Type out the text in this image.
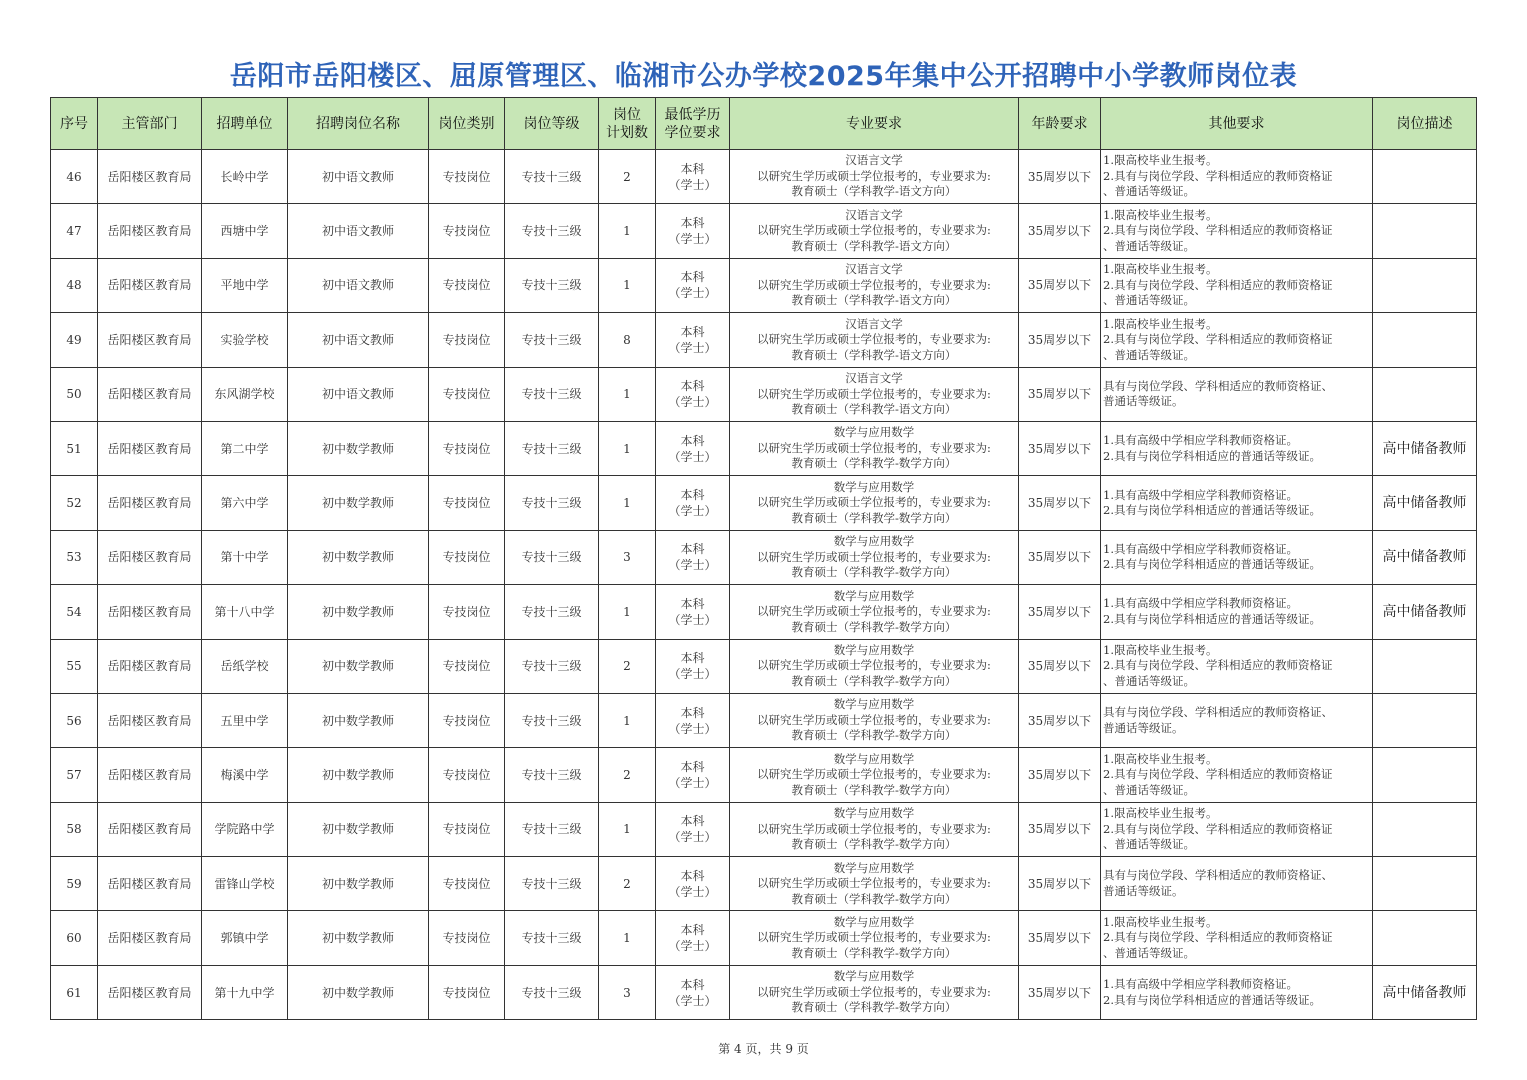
岳阳市岳阳楼区、屈原管理区、临湘市公办学校2025年集中公开招聘中小学教师岗位表
序号	主管部门	招聘单位	招聘岗位名称	岗位类别	岗位等级	岗位
计划数	最低学历
学位要求	专业要求	年龄要求	其他要求	岗位描述
46	岳阳楼区教育局	长岭中学	初中语文教师	专技岗位	专技十三级	2	本科
（学士）	汉语言文学
以研究生学历或硕士学位报考的，专业要求为:
教育硕士（学科教学-语文方向）	35周岁以下	1.限高校毕业生报考。
2.具有与岗位学段、学科相适应的教师资格证
、普通话等级证。	

47	岳阳楼区教育局	西塘中学	初中语文教师	专技岗位	专技十三级	1	本科
（学士）	汉语言文学
以研究生学历或硕士学位报考的，专业要求为:
教育硕士（学科教学-语文方向）	35周岁以下	1.限高校毕业生报考。
2.具有与岗位学段、学科相适应的教师资格证
、普通话等级证。	

48	岳阳楼区教育局	平地中学	初中语文教师	专技岗位	专技十三级	1	本科
（学士）	汉语言文学
以研究生学历或硕士学位报考的，专业要求为:
教育硕士（学科教学-语文方向）	35周岁以下	1.限高校毕业生报考。
2.具有与岗位学段、学科相适应的教师资格证
、普通话等级证。	

49	岳阳楼区教育局	实验学校	初中语文教师	专技岗位	专技十三级	8	本科
（学士）	汉语言文学
以研究生学历或硕士学位报考的，专业要求为:
教育硕士（学科教学-语文方向）	35周岁以下	1.限高校毕业生报考。
2.具有与岗位学段、学科相适应的教师资格证
、普通话等级证。	

50	岳阳楼区教育局	东风湖学校	初中语文教师	专技岗位	专技十三级	1	本科
（学士）	汉语言文学
以研究生学历或硕士学位报考的，专业要求为:
教育硕士（学科教学-语文方向）	35周岁以下	具有与岗位学段、学科相适应的教师资格证、
普通话等级证。	

51	岳阳楼区教育局	第二中学	初中数学教师	专技岗位	专技十三级	1	本科
（学士）	数学与应用数学
以研究生学历或硕士学位报考的，专业要求为:
教育硕士（学科教学-数学方向）	35周岁以下	1.具有高级中学相应学科教师资格证。
2.具有与岗位学科相适应的普通话等级证。	高中储备教师
52	岳阳楼区教育局	第六中学	初中数学教师	专技岗位	专技十三级	1	本科
（学士）	数学与应用数学
以研究生学历或硕士学位报考的，专业要求为:
教育硕士（学科教学-数学方向）	35周岁以下	1.具有高级中学相应学科教师资格证。
2.具有与岗位学科相适应的普通话等级证。	高中储备教师
53	岳阳楼区教育局	第十中学	初中数学教师	专技岗位	专技十三级	3	本科
（学士）	数学与应用数学
以研究生学历或硕士学位报考的，专业要求为:
教育硕士（学科教学-数学方向）	35周岁以下	1.具有高级中学相应学科教师资格证。
2.具有与岗位学科相适应的普通话等级证。	高中储备教师
54	岳阳楼区教育局	第十八中学	初中数学教师	专技岗位	专技十三级	1	本科
（学士）	数学与应用数学
以研究生学历或硕士学位报考的，专业要求为:
教育硕士（学科教学-数学方向）	35周岁以下	1.具有高级中学相应学科教师资格证。
2.具有与岗位学科相适应的普通话等级证。	高中储备教师
55	岳阳楼区教育局	岳纸学校	初中数学教师	专技岗位	专技十三级	2	本科
（学士）	数学与应用数学
以研究生学历或硕士学位报考的，专业要求为:
教育硕士（学科教学-数学方向）	35周岁以下	1.限高校毕业生报考。
2.具有与岗位学段、学科相适应的教师资格证
、普通话等级证。	

56	岳阳楼区教育局	五里中学	初中数学教师	专技岗位	专技十三级	1	本科
（学士）	数学与应用数学
以研究生学历或硕士学位报考的，专业要求为:
教育硕士（学科教学-数学方向）	35周岁以下	具有与岗位学段、学科相适应的教师资格证、
普通话等级证。	

57	岳阳楼区教育局	梅溪中学	初中数学教师	专技岗位	专技十三级	2	本科
（学士）	数学与应用数学
以研究生学历或硕士学位报考的，专业要求为:
教育硕士（学科教学-数学方向）	35周岁以下	1.限高校毕业生报考。
2.具有与岗位学段、学科相适应的教师资格证
、普通话等级证。	

58	岳阳楼区教育局	学院路中学	初中数学教师	专技岗位	专技十三级	1	本科
（学士）	数学与应用数学
以研究生学历或硕士学位报考的，专业要求为:
教育硕士（学科教学-数学方向）	35周岁以下	1.限高校毕业生报考。
2.具有与岗位学段、学科相适应的教师资格证
、普通话等级证。	

59	岳阳楼区教育局	雷锋山学校	初中数学教师	专技岗位	专技十三级	2	本科
（学士）	数学与应用数学
以研究生学历或硕士学位报考的，专业要求为:
教育硕士（学科教学-数学方向）	35周岁以下	具有与岗位学段、学科相适应的教师资格证、
普通话等级证。	

60	岳阳楼区教育局	郭镇中学	初中数学教师	专技岗位	专技十三级	1	本科
（学士）	数学与应用数学
以研究生学历或硕士学位报考的，专业要求为:
教育硕士（学科教学-数学方向）	35周岁以下	1.限高校毕业生报考。
2.具有与岗位学段、学科相适应的教师资格证
、普通话等级证。	

61	岳阳楼区教育局	第十九中学	初中数学教师	专技岗位	专技十三级	3	本科
（学士）	数学与应用数学
以研究生学历或硕士学位报考的，专业要求为:
教育硕士（学科教学-数学方向）	35周岁以下	1.具有高级中学相应学科教师资格证。
2.具有与岗位学科相适应的普通话等级证。	高中储备教师
第 4 页，共 9 页
